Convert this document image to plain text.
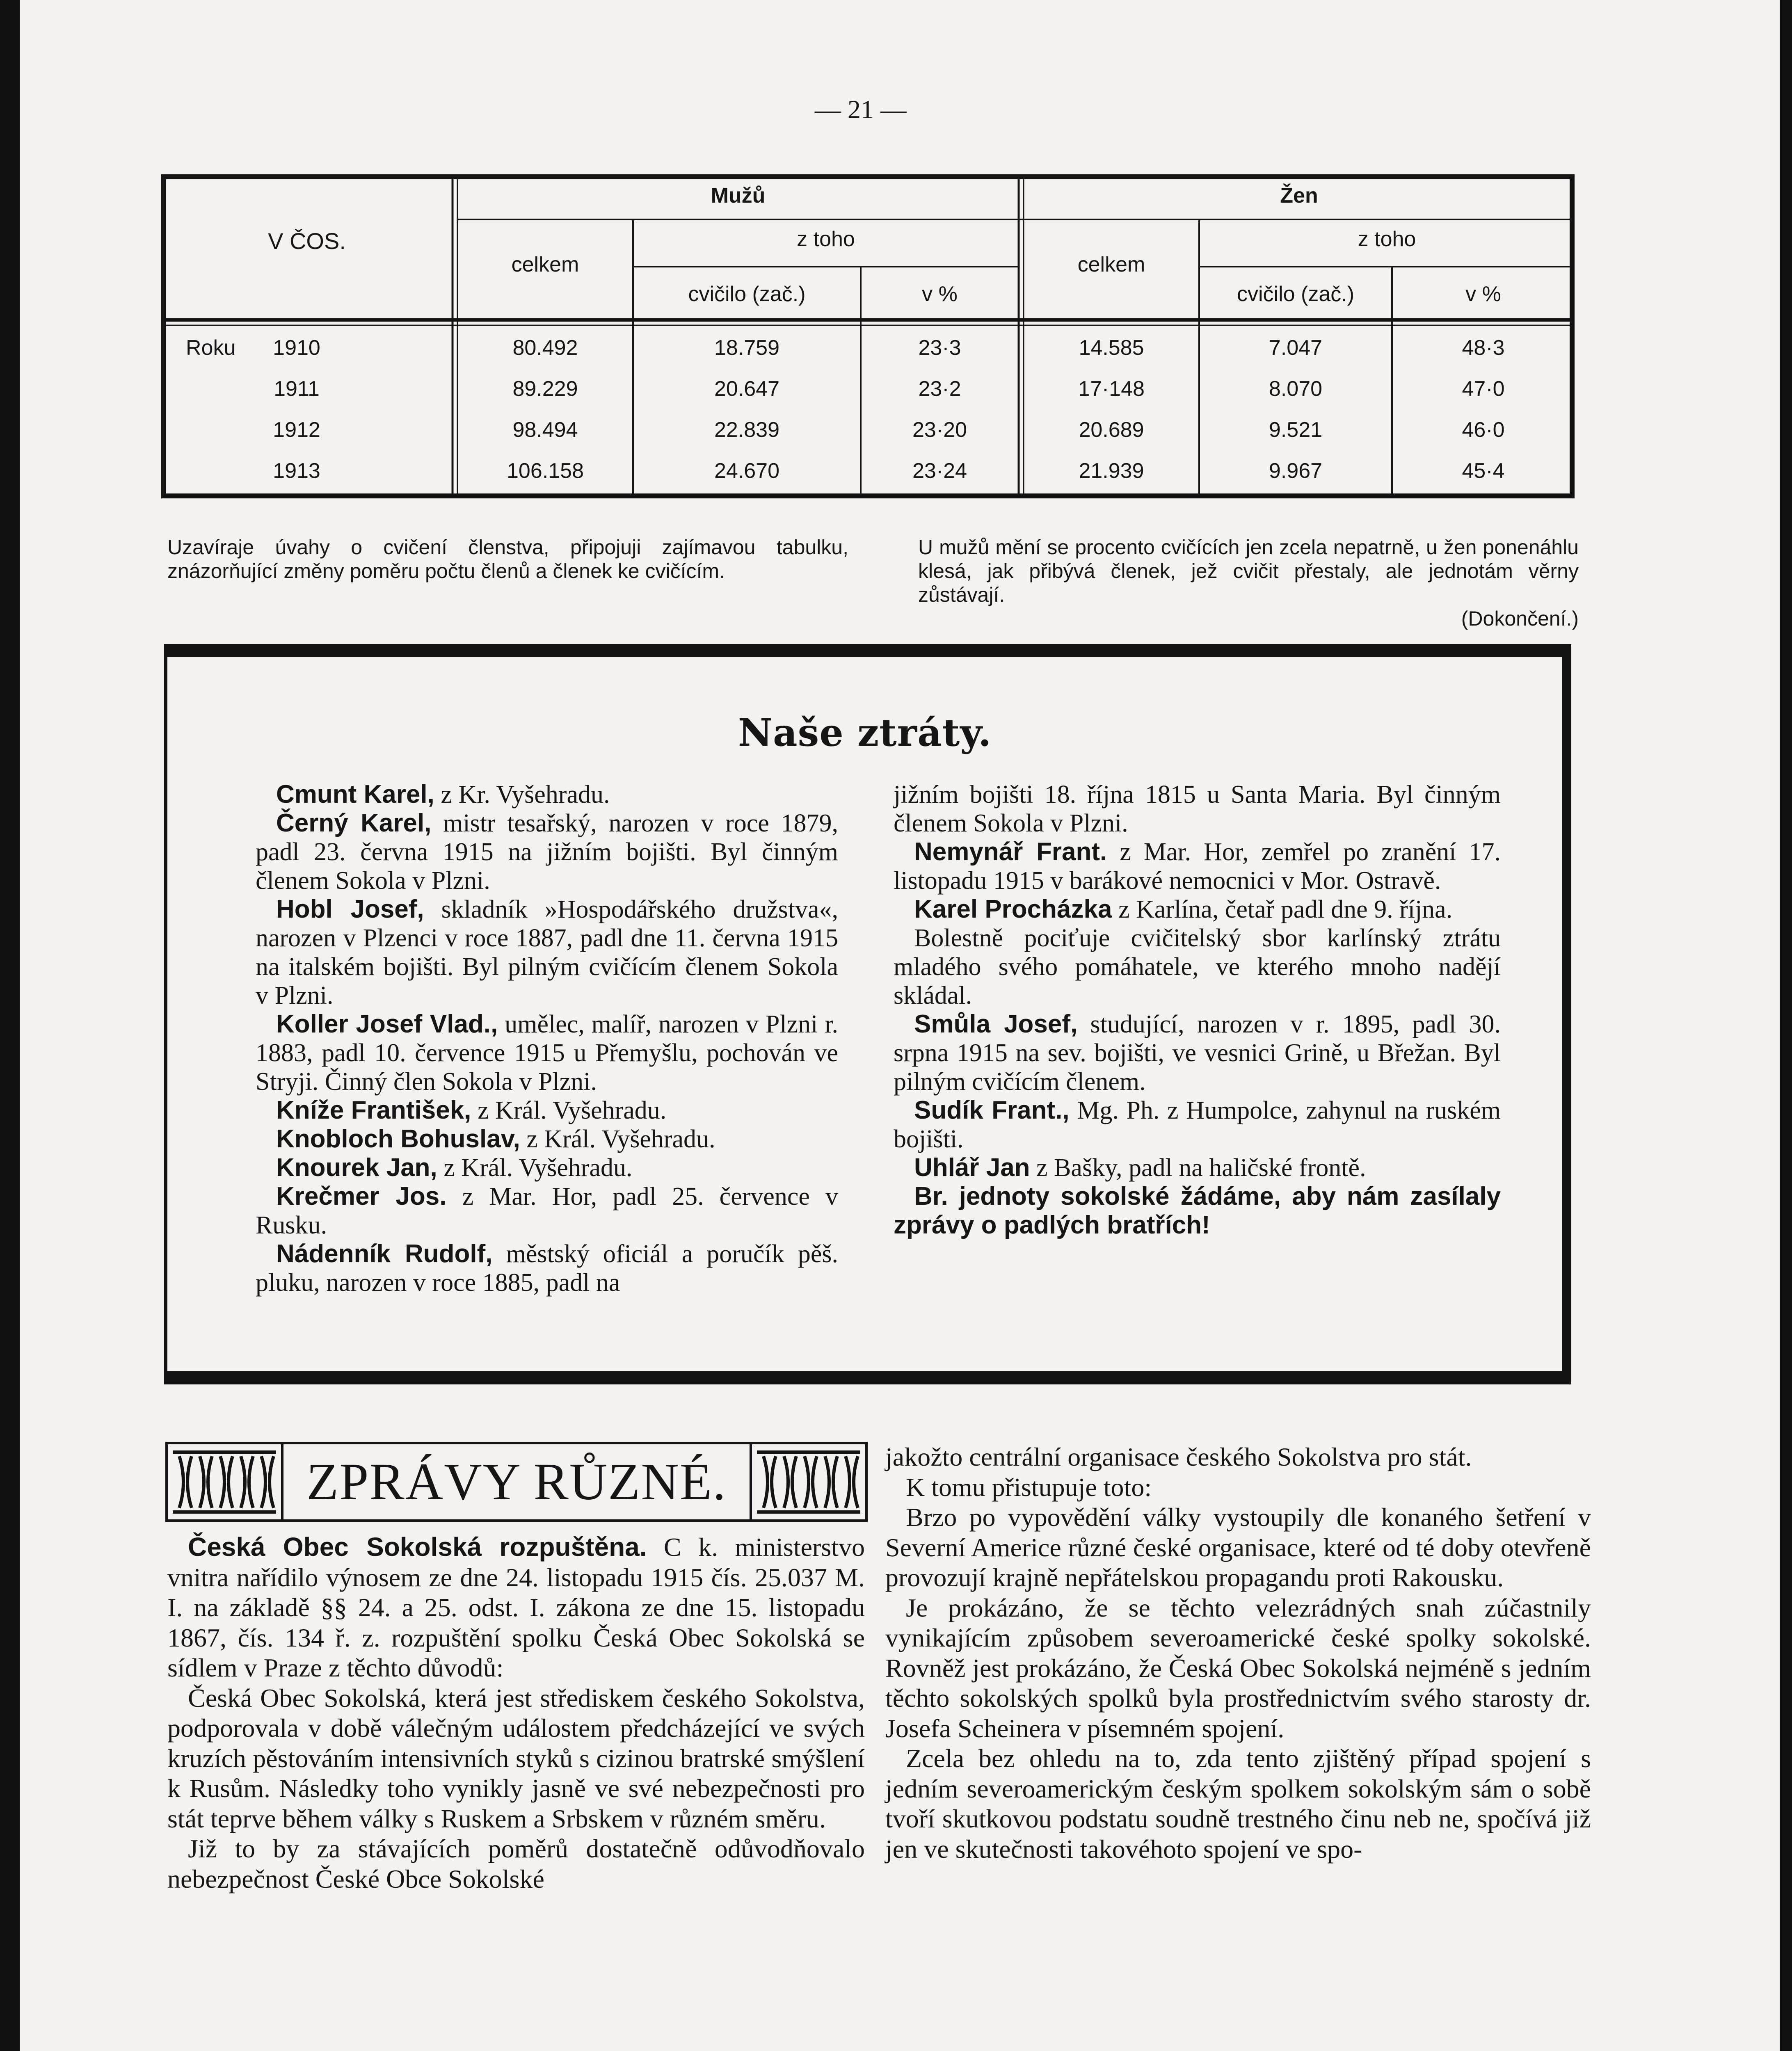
— 21 —
V ČOS.
Mužů	Žen
celkem	celkem
z toho	z toho
cvičilo (zač.)	v %	cvičilo (zač.)	v %
Roku	1910	80.492	18.759	23·3	14.585	7.047	48·3
1911	89.229	20.647	23·2	17·148	8.070	47·0
1912	98.494	22.839	23·20	20.689	9.521	46·0
1913	106.158	24.670	23·24	21.939	9.967	45·4

Uzavíraje úvahy o cvičení členstva, připojuji zajímavou tabulku, znázorňující změny poměru počtu členů a členek ke cvičícím.

U mužů mění se procento cvičících jen zcela nepatrně, u žen ponenáhlu klesá, jak přibývá členek, jež cvičit přestaly, ale jednotám věrny zůstávají.

(Dokončení.)

Naše ztráty.

Cmunt Karel, z Kr. Vyšehradu.

Černý Karel, mistr tesařský, narozen v roce 1879, padl 23. června 1915 na jižním bojišti. Byl činným členem Sokola v Plzni.

Hobl Josef, skladník »Hospodářského družstva«, narozen v Plzenci v roce 1887, padl dne 11. června 1915 na italském bojišti. Byl pilným cvičícím členem Sokola v Plzni.

Koller Josef Vlad., umělec, malíř, narozen v Plzni r. 1883, padl 10. července 1915 u Přemyšlu, pochován ve Stryji. Činný člen Sokola v Plzni.

Kníže František, z Král. Vyšehradu.

Knobloch Bohuslav, z Král. Vyšehradu.

Knourek Jan, z Král. Vyšehradu.

Krečmer Jos. z Mar. Hor, padl 25. července v Rusku.

Nádenník Rudolf, městský oficiál a poručík pěš. pluku, narozen v roce 1885, padl na

jižním bojišti 18. října 1815 u Santa Maria. Byl činným členem Sokola v Plzni.

Nemynář Frant. z Mar. Hor, zemřel po zranění 17. listopadu 1915 v barákové nemocnici v Mor. Ostravě.

Karel Procházka z Karlína, četař padl dne 9. října.

Bolestně pociťuje cvičitelský sbor karlínský ztrátu mladého svého pomáhatele, ve kterého mnoho nadějí skládal.

Smůla Josef, studující, narozen v r. 1895, padl 30. srpna 1915 na sev. bojišti, ve vesnici Grině, u Břežan. Byl pilným cvičícím členem.

Sudík Frant., Mg. Ph. z Humpolce, zahynul na ruském bojišti.

Uhlář Jan z Bašky, padl na haličské frontě.

Br. jednoty sokolské žádáme, aby nám zasílaly zprávy o padlých bratřích!

ZPRÁVY RŮZNÉ.

Česká Obec Sokolská rozpuštěna. C k. ministerstvo vnitra nařídilo výnosem ze dne 24. listopadu 1915 čís. 25.037 M. I. na základě §§ 24. a 25. odst. I. zákona ze dne 15. listopadu 1867, čís. 134 ř. z. rozpuštění spolku Česká Obec Sokolská se sídlem v Praze z těchto důvodů:

Česká Obec Sokolská, která jest střediskem českého Sokolstva, podporovala v době válečným událostem předcházející ve svých kruzích pěstováním intensivních styků s cizinou bratrské smýšlení k Rusům. Následky toho vynikly jasně ve své nebezpečnosti pro stát teprve během války s Ruskem a Srbskem v různém směru.

Již to by za stávajících poměrů dostatečně odůvodňovalo nebezpečnost České Obce Sokolské

jakožto centrální organisace českého Sokolstva pro stát.

K tomu přistupuje toto:

Brzo po vypovědění války vystoupily dle konaného šetření v Severní Americe různé české organisace, které od té doby otevřeně provozují krajně nepřátelskou propagandu proti Rakousku.

Je prokázáno, že se těchto velezrádných snah zúčastnily vynikajícím způsobem severoamerické české spolky sokolské. Rovněž jest prokázáno, že Česká Obec Sokolská nejméně s jedním těchto sokolských spolků byla prostřednictvím svého starosty dr. Josefa Scheinera v písemném spojení.

Zcela bez ohledu na to, zda tento zjištěný případ spojení s jedním severoamerickým českým spolkem sokolským sám o sobě tvoří skutkovou podstatu soudně trestného činu neb ne, spočívá již jen ve skutečnosti takovéhoto spojení ve spo-
